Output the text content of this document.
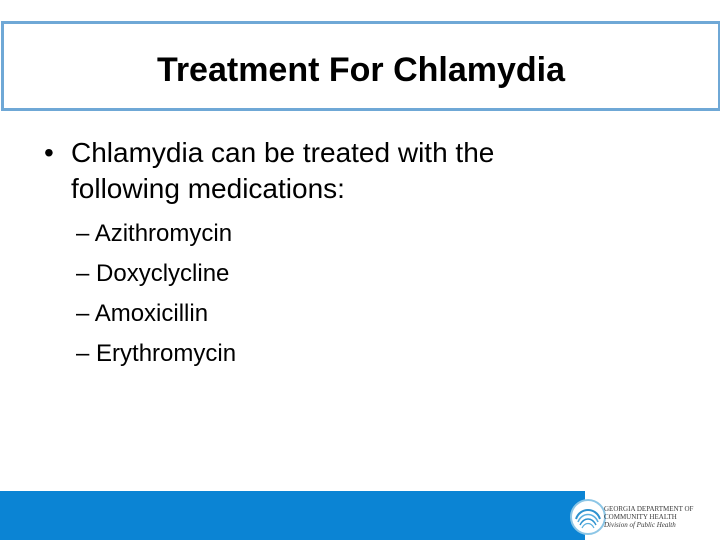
Treatment For Chlamydia
• Chlamydia can be treated with the following medications:
– Azithromycin
– Doxyclycline
– Amoxicillin
– Erythromycin
GEORGIA DEPARTMENT OF
COMMUNITY HEALTH
Division of Public Health
